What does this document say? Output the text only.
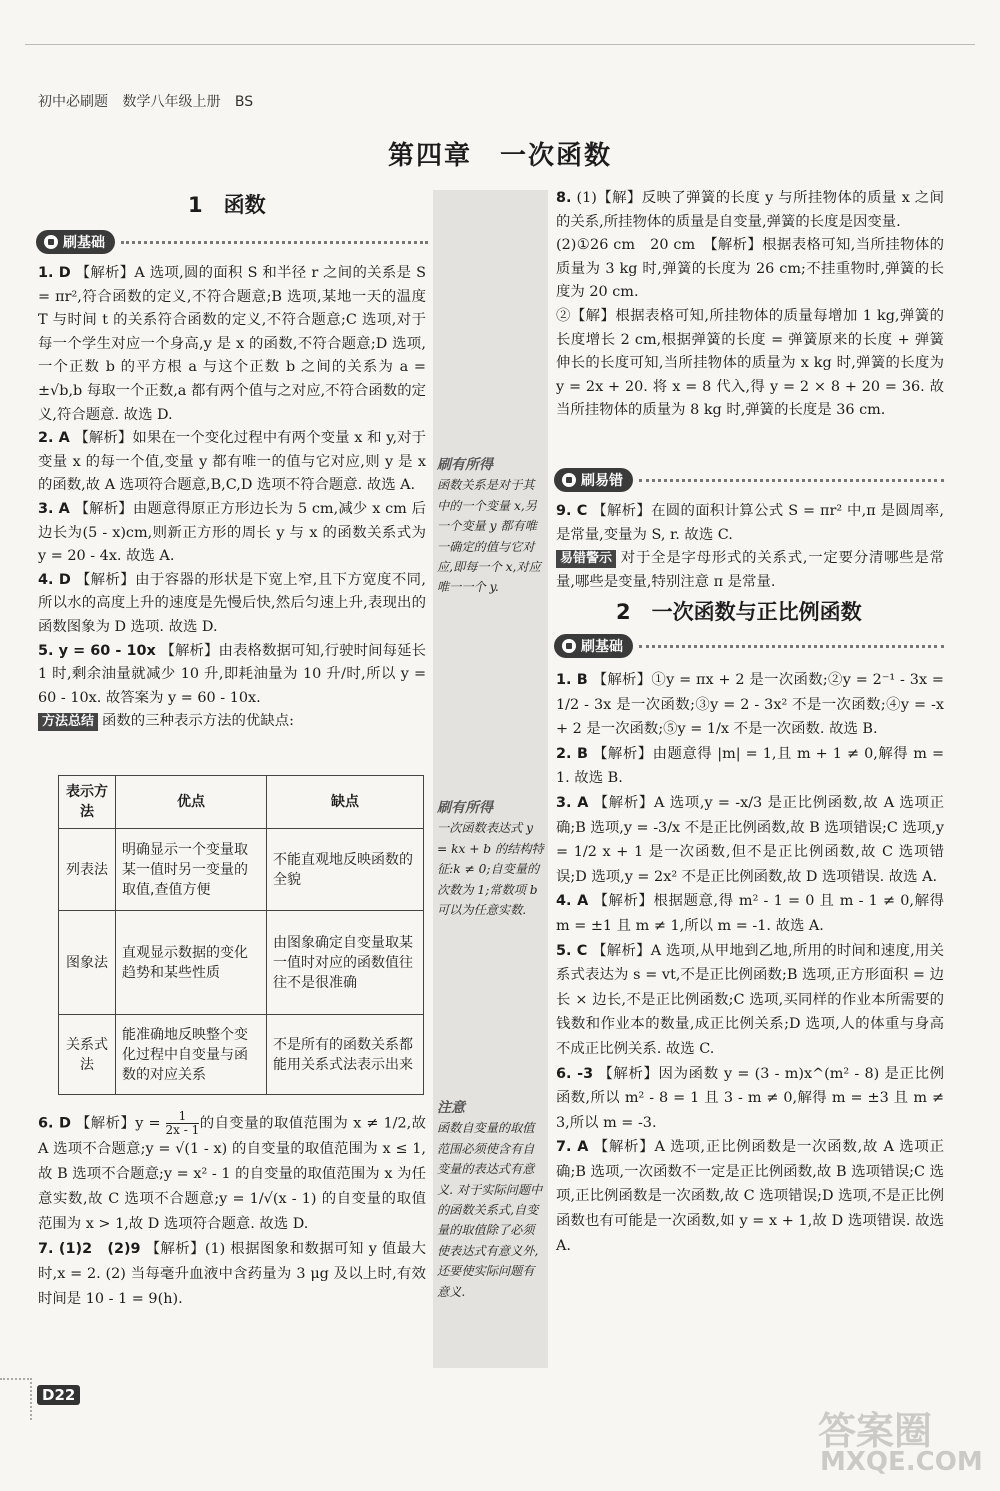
初中必刷题 数学八年级上册 BS
第四章　一次函数
1　函数
刷基础

1. D 【解析】A 选项,圆的面积 S 和半径 r 之间的关系是 S = πr²,符合函数的定义,不符合题意;B 选项,某地一天的温度 T 与时间 t 的关系符合函数的定义,不符合题意;C 选项,对于每一个学生对应一个身高,y 是 x 的函数,不符合题意;D 选项,一个正数 b 的平方根 a 与这个正数 b 之间的关系为 a = ±√b,b 每取一个正数,a 都有两个值与之对应,不符合函数的定义,符合题意. 故选 D.

2. A 【解析】如果在一个变化过程中有两个变量 x 和 y,对于变量 x 的每一个值,变量 y 都有唯一的值与它对应,则 y 是 x 的函数,故 A 选项符合题意,B,C,D 选项不符合题意. 故选 A.

3. A 【解析】由题意得原正方形边长为 5 cm,减少 x cm 后边长为(5 - x)cm,则新正方形的周长 y 与 x 的函数关系式为 y = 20 - 4x. 故选 A.

4. D 【解析】由于容器的形状是下宽上窄,且下方宽度不同,所以水的高度上升的速度是先慢后快,然后匀速上升,表现出的函数图象为 D 选项. 故选 D.

5. y = 60 - 10x 【解析】由表格数据可知,行驶时间每延长 1 时,剩余油量就减少 10 升,即耗油量为 10 升/时,所以 y = 60 - 10x. 故答案为 y = 60 - 10x.

方法总结 函数的三种表示方法的优缺点:

表示方法	优点	缺点
列表法	明确显示一个变量取某一值时另一变量的取值,查值方便	不能直观地反映函数的全貌
图象法	直观显示数据的变化趋势和某些性质	由图象确定自变量取某一值时对应的函数值往往不是很准确
关系式法	能准确地反映整个变化过程中自变量与函数的对应关系	不是所有的函数关系都能用关系式法表示出来

6. D 【解析】$y = \frac{1}{2x - 1}$ 的自变量的取值范围为 x ≠ 1/2,故 A 选项不合题意;y = √(1 - x) 的自变量的取值范围为 x ≤ 1,故 B 选项不合题意;y = x² - 1 的自变量的取值范围为 x 为任意实数,故 C 选项不合题意;y = 1/√(x - 1) 的自变量的取值范围为 x > 1,故 D 选项符合题意. 故选 D.

7. (1)2　(2)9 【解析】(1) 根据图象和数据可知 y 值最大时,x = 2. (2) 当每毫升血液中含药量为 3 μg 及以上时,有效时间是 10 - 1 = 9(h).

刷有所得
函数关系是对于其中的一个变量 x,另一个变量 y 都有唯一确定的值与它对应,即每一个 x,对应唯一一个 y.
刷有所得
一次函数表达式 y = kx + b 的结构特征:k ≠ 0;自变量的次数为 1;常数项 b 可以为任意实数.
注意
函数自变量的取值范围必须使含有自变量的表达式有意义. 对于实际问题中的函数关系式,自变量的取值除了必须使表达式有意义外,还要使实际问题有意义.

8. (1)【解】反映了弹簧的长度 y 与所挂物体的质量 x 之间的关系,所挂物体的质量是自变量,弹簧的长度是因变量.

(2)①26 cm　20 cm　【解析】根据表格可知,当所挂物体的质量为 3 kg 时,弹簧的长度为 26 cm;不挂重物时,弹簧的长度为 20 cm.

②【解】根据表格可知,所挂物体的质量每增加 1 kg,弹簧的长度增长 2 cm,根据弹簧的长度 = 弹簧原来的长度 + 弹簧伸长的长度可知,当所挂物体的质量为 x kg 时,弹簧的长度为 y = 2x + 20. 将 x = 8 代入,得 y = 2 × 8 + 20 = 36. 故当所挂物体的质量为 8 kg 时,弹簧的长度是 36 cm.

刷易错

9. C 【解析】在圆的面积计算公式 S = πr² 中,π 是圆周率,是常量,变量为 S, r. 故选 C.

易错警示 对于全是字母形式的关系式,一定要分清哪些是常量,哪些是变量,特别注意 π 是常量.

2　一次函数与正比例函数
刷基础

1. B 【解析】①y = πx + 2 是一次函数;②y = 2⁻¹ - 3x = 1/2 - 3x 是一次函数;③y = 2 - 3x² 不是一次函数;④y = -x + 2 是一次函数;⑤y = 1/x 不是一次函数. 故选 B.

2. B 【解析】由题意得 |m| = 1,且 m + 1 ≠ 0,解得 m = 1. 故选 B.

3. A 【解析】A 选项,y = -x/3 是正比例函数,故 A 选项正确;B 选项,y = -3/x 不是正比例函数,故 B 选项错误;C 选项,y = 1/2 x + 1 是一次函数,但不是正比例函数,故 C 选项错误;D 选项,y = 2x² 不是正比例函数,故 D 选项错误. 故选 A.

4. A 【解析】根据题意,得 m² - 1 = 0 且 m - 1 ≠ 0,解得 m = ±1 且 m ≠ 1,所以 m = -1. 故选 A.

5. C 【解析】A 选项,从甲地到乙地,所用的时间和速度,用关系式表达为 s = vt,不是正比例函数;B 选项,正方形面积 = 边长 × 边长,不是正比例函数;C 选项,买同样的作业本所需要的钱数和作业本的数量,成正比例关系;D 选项,人的体重与身高不成正比例关系. 故选 C.

6. -3 【解析】因为函数 y = (3 - m)x^(m² - 8) 是正比例函数,所以 m² - 8 = 1 且 3 - m ≠ 0,解得 m = ±3 且 m ≠ 3,所以 m = -3.

7. A 【解析】A 选项,正比例函数是一次函数,故 A 选项正确;B 选项,一次函数不一定是正比例函数,故 B 选项错误;C 选项,正比例函数是一次函数,故 C 选项错误;D 选项,不是正比例函数也有可能是一次函数,如 y = x + 1,故 D 选项错误. 故选 A.

D22
答案圈
MXQE.COM
